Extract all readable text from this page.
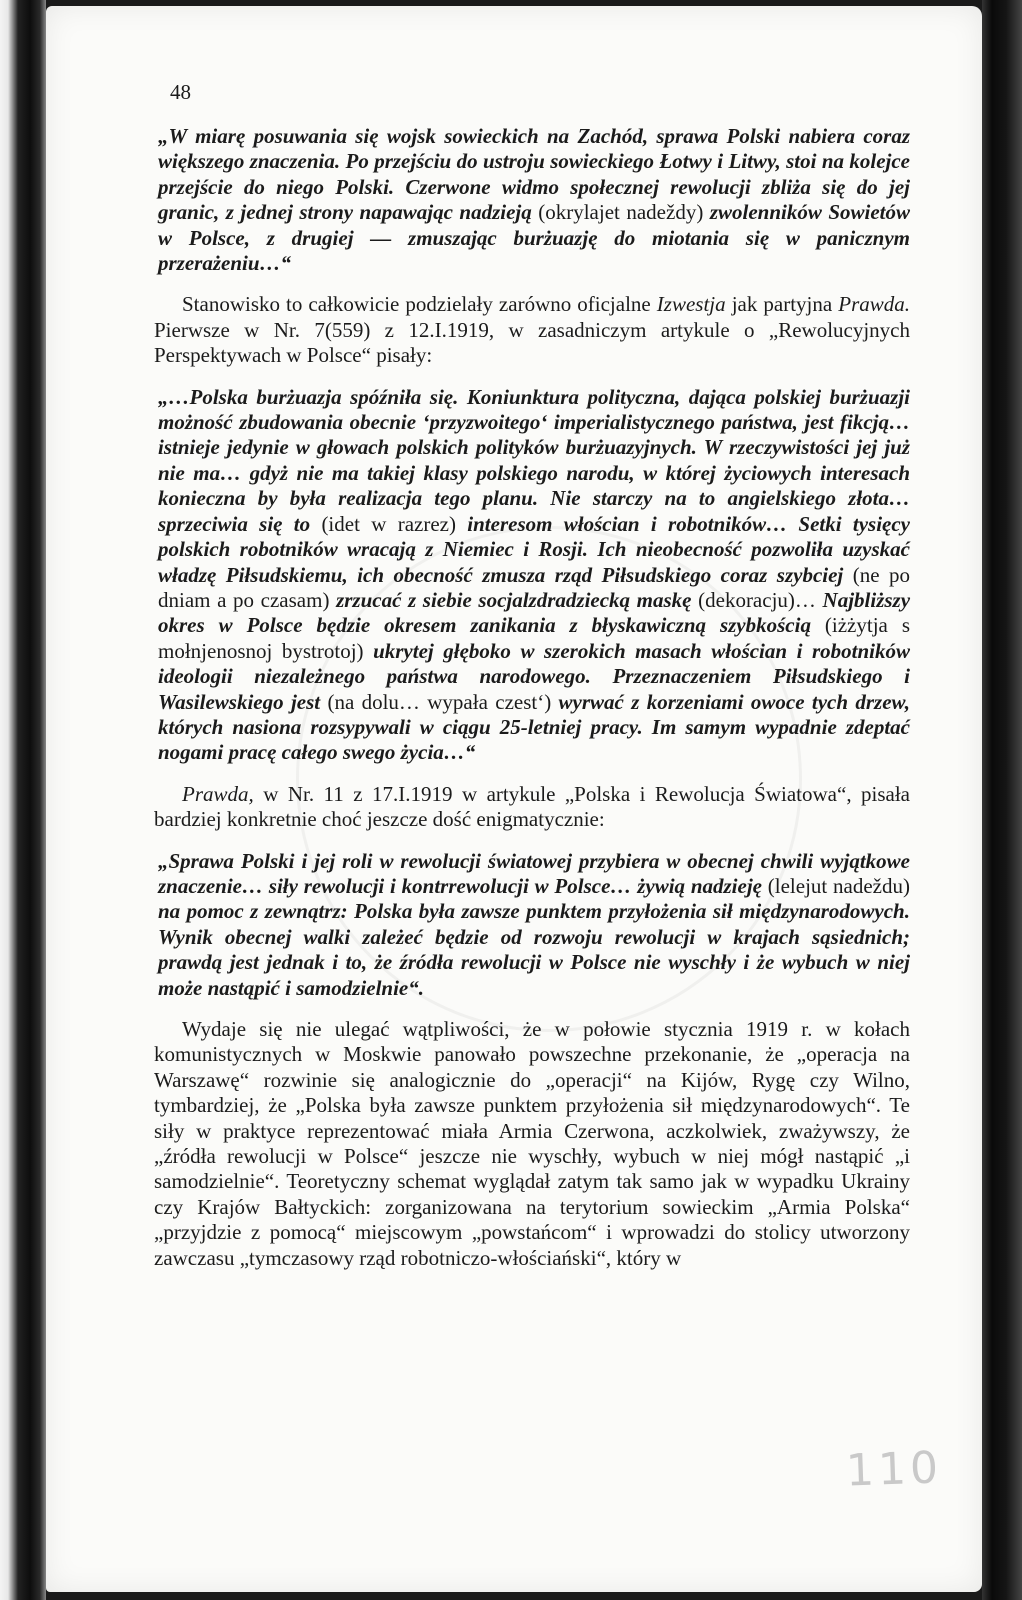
48

„W miarę posuwania się wojsk sowieckich na Zachód, sprawa Polski nabiera coraz większego znaczenia. Po przejściu do ustroju sowieckiego Łotwy i Litwy, stoi na kolejce przejście do niego Polski. Czerwone widmo społecznej rewolucji zbliża się do jej granic, z jednej strony napawając nadzieją (okrylajet nadeždy) zwolenników Sowietów w Polsce, z drugiej — zmuszając burżuazję do miotania się w panicznym przerażeniu…“

Stanowisko to całkowicie podzielały zarówno oficjalne Izwestja jak partyjna Prawda. Pierwsze w Nr. 7(559) z 12.I.1919, w zasadniczym artykule o „Rewolucyjnych Perspektywach w Polsce“ pisały:

„…Polska burżuazja spóźniła się. Koniunktura polityczna, dająca polskiej burżuazji możność zbudowania obecnie ‘przyzwoitego‘ imperialistycznego państwa, jest fikcją… istnieje jedynie w głowach polskich polityków burżuazyjnych. W rzeczywistości jej już nie ma… gdyż nie ma takiej klasy polskiego narodu, w której życiowych interesach konieczna by była realizacja tego planu. Nie starczy na to angielskiego złota… sprzeciwia się to (idet w razrez) interesom włościan i robotników… Setki tysięcy polskich robotników wracają z Niemiec i Rosji. Ich nieobecność pozwoliła uzyskać władzę Piłsudskiemu, ich obecność zmusza rząd Piłsudskiego coraz szybciej (ne po dniam a po czasam) zrzucać z siebie socjalzdradziecką maskę (dekoracju)… Najbliższy okres w Polsce będzie okresem zanikania z błyskawiczną szybkością (iżżytja s mołnjenosnoj bystrotoj) ukrytej głęboko w szerokich masach włościan i robotników ideologii niezależnego państwa narodowego. Przeznaczeniem Piłsudskiego i Wasilewskiego jest (na dolu… wypała czest‘) wyrwać z korzeniami owoce tych drzew, których nasiona rozsypywali w ciągu 25-letniej pracy. Im samym wypadnie zdeptać nogami pracę całego swego życia…“

Prawda, w Nr. 11 z 17.I.1919 w artykule „Polska i Rewolucja Światowa“, pisała bardziej konkretnie choć jeszcze dość enigmatycznie:

„Sprawa Polski i jej roli w rewolucji światowej przybiera w obecnej chwili wyjątkowe znaczenie… siły rewolucji i kontrrewolucji w Polsce… żywią nadzieję (lelejut nadeždu) na pomoc z zewnątrz: Polska była zawsze punktem przyłożenia sił międzynarodowych. Wynik obecnej walki zależeć będzie od rozwoju rewolucji w krajach sąsiednich; prawdą jest jednak i to, że źródła rewolucji w Polsce nie wyschły i że wybuch w niej może nastąpić i samodzielnie“.

Wydaje się nie ulegać wątpliwości, że w połowie stycznia 1919 r. w kołach komunistycznych w Moskwie panowało powszechne przekonanie, że „operacja na Warszawę“ rozwinie się analogicznie do „operacji“ na Kijów, Rygę czy Wilno, tymbardziej, że „Polska była zawsze punktem przyłożenia sił międzynarodowych“. Te siły w praktyce reprezentować miała Armia Czerwona, aczkolwiek, zważywszy, że „źródła rewolucji w Polsce“ jeszcze nie wyschły, wybuch w niej mógł nastąpić „i samodzielnie“. Teoretyczny schemat wyglądał zatym tak samo jak w wypadku Ukrainy czy Krajów Bałtyckich: zorganizowana na terytorium sowieckim „Armia Polska“ „przyjdzie z pomocą“ miejscowym „powstańcom“ i wprowadzi do stolicy utworzony zawczasu „tymczasowy rząd robotniczo-włościański“, który w

110
